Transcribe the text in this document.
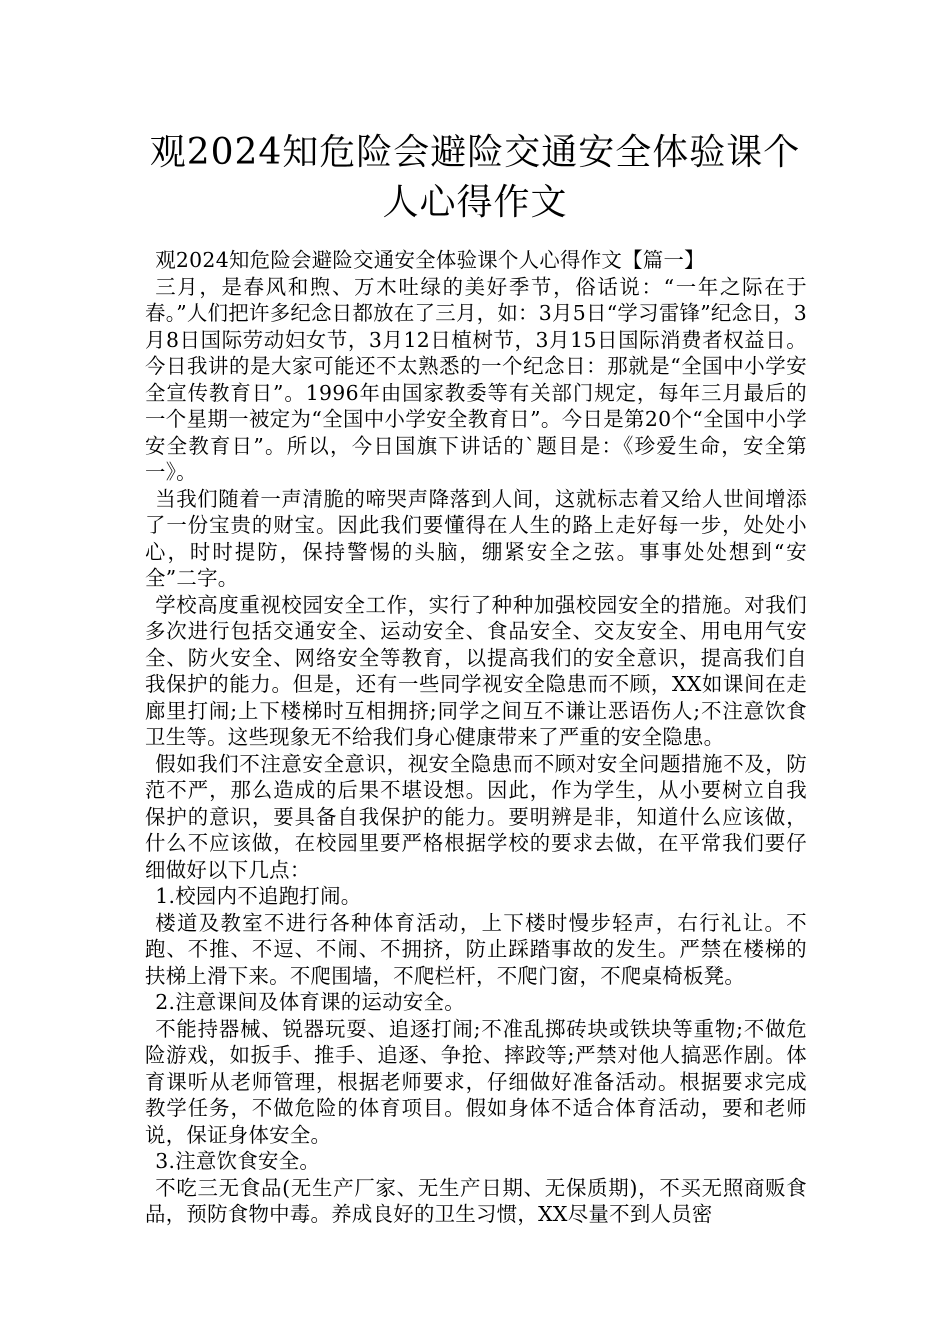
观2024知危险会避险交通安全体验课个人心得作文

观2024知危险会避险交通安全体验课个人心得作文【篇一】

三月，是春风和煦、万木吐绿的美好季节，俗话说：“一年之际在于春。”人们把许多纪念日都放在了三月，如：3月5日“学习雷锋”纪念日，3月8日国际劳动妇女节，3月12日植树节，3月15日国际消费者权益日。今日我讲的是大家可能还不太熟悉的一个纪念日：那就是“全国中小学安全宣传教育日”。1996年由国家教委等有关部门规定，每年三月最后的一个星期一被定为“全国中小学安全教育日”。今日是第20个“全国中小学安全教育日”。所以，今日国旗下讲话的`题目是：《珍爱生命，安全第一》。

当我们随着一声清脆的啼哭声降落到人间，这就标志着又给人世间增添了一份宝贵的财宝。因此我们要懂得在人生的路上走好每一步，处处小心，时时提防，保持警惕的头脑，绷紧安全之弦。事事处处想到“安全”二字。

学校高度重视校园安全工作，实行了种种加强校园安全的措施。对我们多次进行包括交通安全、运动安全、食品安全、交友安全、用电用气安全、防火安全、网络安全等教育，以提高我们的安全意识，提高我们自我保护的能力。但是，还有一些同学视安全隐患而不顾，XX如课间在走廊里打闹;上下楼梯时互相拥挤;同学之间互不谦让恶语伤人;不注意饮食卫生等。这些现象无不给我们身心健康带来了严重的安全隐患。

假如我们不注意安全意识，视安全隐患而不顾对安全问题措施不及，防范不严，那么造成的后果不堪设想。因此，作为学生，从小要树立自我保护的意识，要具备自我保护的能力。要明辨是非，知道什么应该做，什么不应该做，在校园里要严格根据学校的要求去做，在平常我们要仔细做好以下几点：

1.校园内不追跑打闹。

楼道及教室不进行各种体育活动，上下楼时慢步轻声，右行礼让。不跑、不推、不逗、不闹、不拥挤，防止踩踏事故的发生。严禁在楼梯的扶梯上滑下来。不爬围墙，不爬栏杆，不爬门窗，不爬桌椅板凳。

2.注意课间及体育课的运动安全。

不能持器械、锐器玩耍、追逐打闹;不准乱掷砖块或铁块等重物;不做危险游戏，如扳手、推手、追逐、争抢、摔跤等;严禁对他人搞恶作剧。体育课听从老师管理，根据老师要求，仔细做好准备活动。根据要求完成教学任务，不做危险的体育项目。假如身体不适合体育活动，要和老师说，保证身体安全。

3.注意饮食安全。

不吃三无食品(无生产厂家、无生产日期、无保质期)，不买无照商贩食品，预防食物中毒。养成良好的卫生习惯，XX尽量不到人员密
